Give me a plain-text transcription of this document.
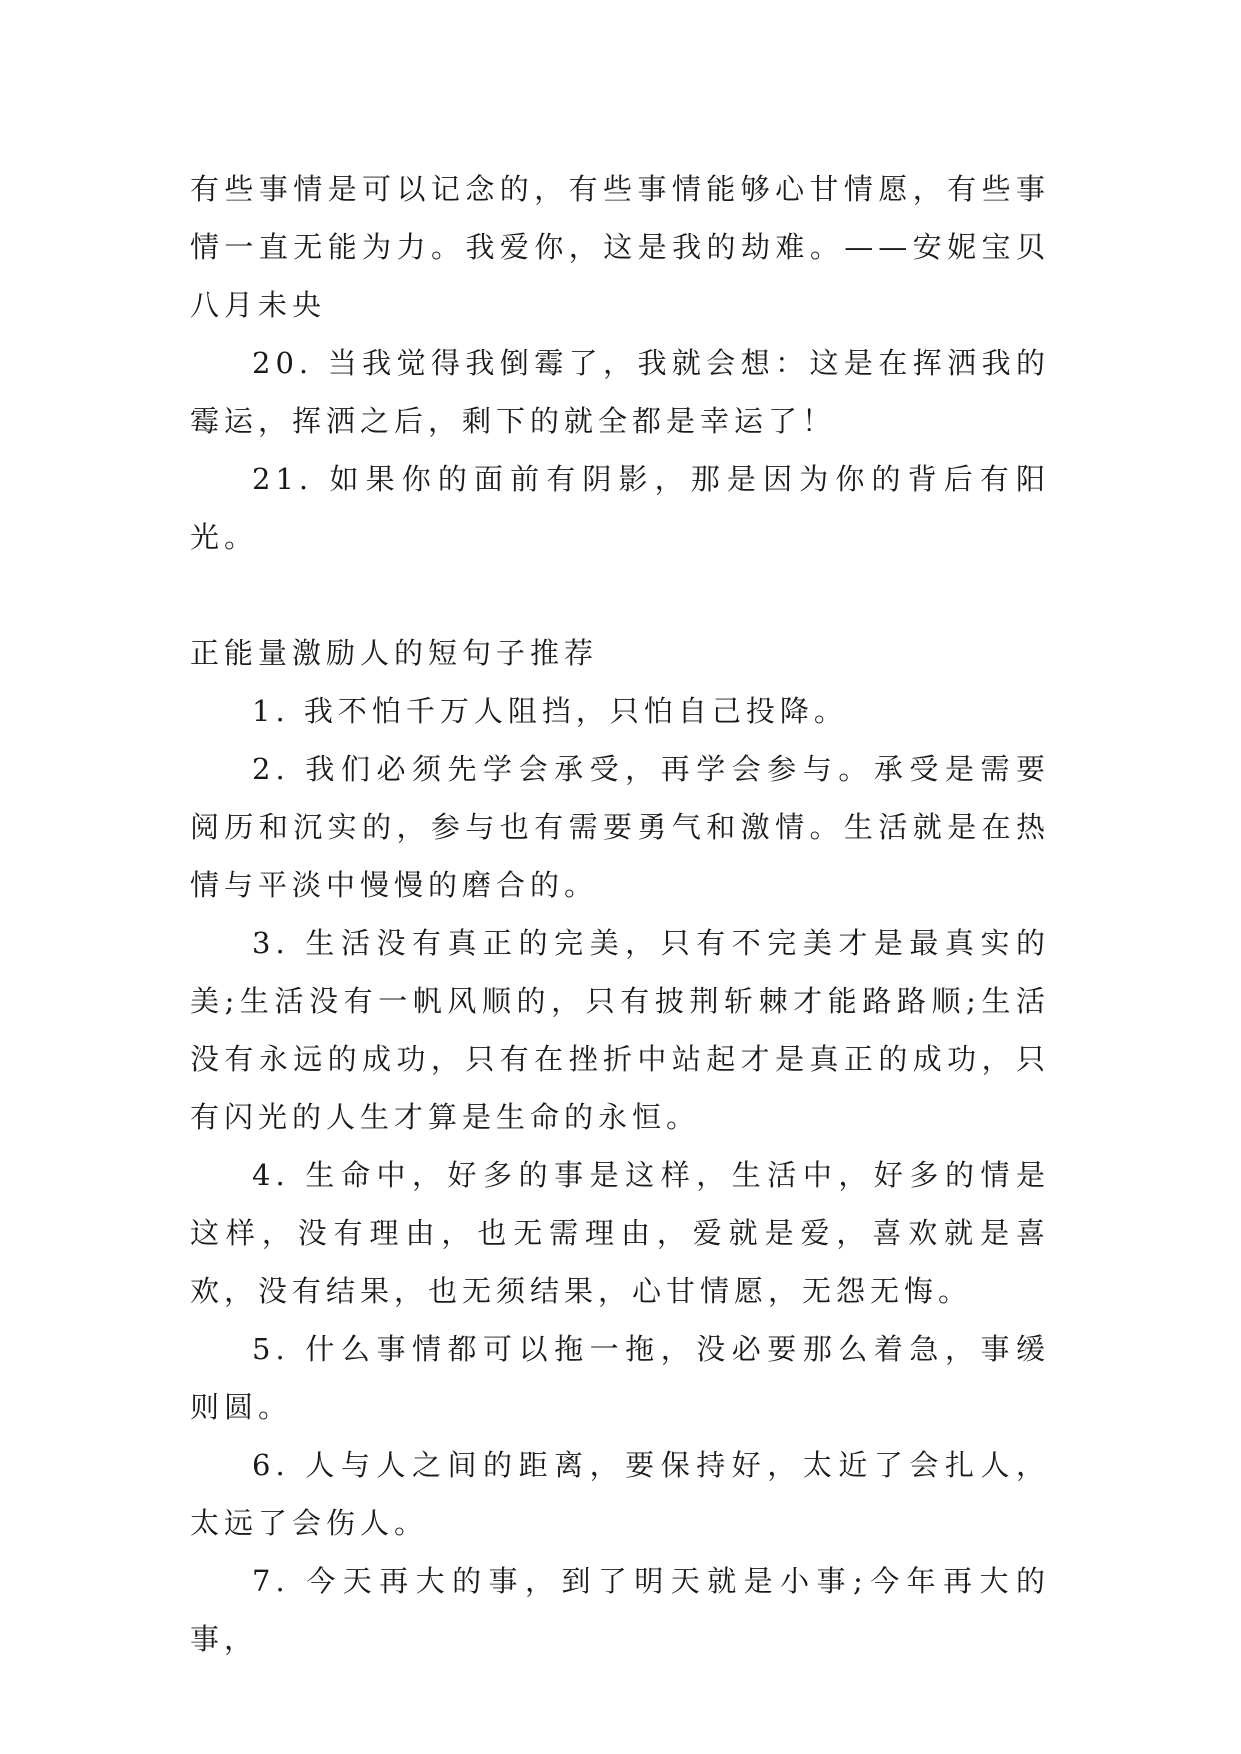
有些事情是可以记念的，有些事情能够心甘情愿，有些事情一直无能为力。我爱你，这是我的劫难。——安妮宝贝八月未央

20. 当我觉得我倒霉了，我就会想：这是在挥洒我的霉运，挥洒之后，剩下的就全都是幸运了！

21. 如果你的面前有阴影，那是因为你的背后有阳光。

正能量激励人的短句子推荐

1. 我不怕千万人阻挡，只怕自己投降。

2. 我们必须先学会承受，再学会参与。承受是需要阅历和沉实的，参与也有需要勇气和激情。生活就是在热情与平淡中慢慢的磨合的。

3. 生活没有真正的完美，只有不完美才是最真实的美;生活没有一帆风顺的，只有披荆斩棘才能路路顺;生活没有永远的成功，只有在挫折中站起才是真正的成功，只有闪光的人生才算是生命的永恒。

4. 生命中，好多的事是这样，生活中，好多的情是这样，没有理由，也无需理由，爱就是爱，喜欢就是喜欢，没有结果，也无须结果，心甘情愿，无怨无悔。

5. 什么事情都可以拖一拖，没必要那么着急，事缓则圆。

6. 人与人之间的距离，要保持好，太近了会扎人，太远了会伤人。

7. 今天再大的事，到了明天就是小事;今年再大的事，
